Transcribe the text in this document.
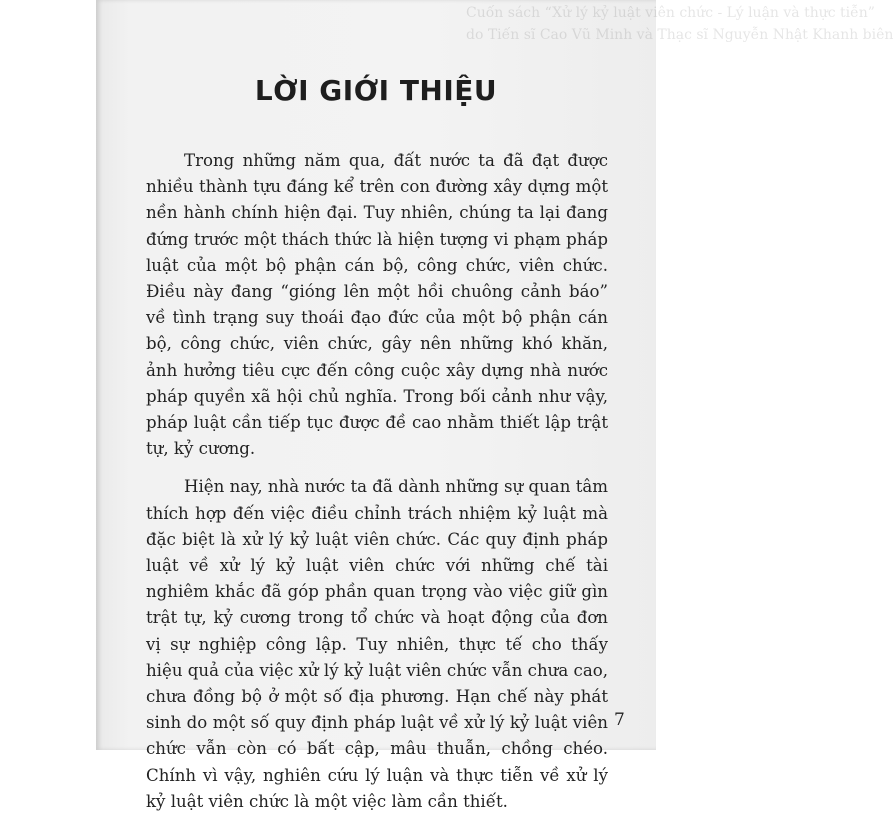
Cuốn sách “Xử lý kỷ luật viên chức - Lý luận và thực tiễn”
do Tiến sĩ Cao Vũ Minh và Thạc sĩ Nguyễn Nhật Khanh biên
LỜI GIỚI THIỆU

Trong những năm qua, đất nước ta đã đạt được nhiều thành tựu đáng kể trên con đường xây dựng một nền hành chính hiện đại. Tuy nhiên, chúng ta lại đang đứng trước một thách thức là hiện tượng vi phạm pháp luật của một bộ phận cán bộ, công chức, viên chức. Điều này đang “gióng lên một hồi chuông cảnh báo” về tình trạng suy thoái đạo đức của một bộ phận cán bộ, công chức, viên chức, gây nên những khó khăn, ảnh hưởng tiêu cực đến công cuộc xây dựng nhà nước pháp quyền xã hội chủ nghĩa. Trong bối cảnh như vậy, pháp luật cần tiếp tục được đề cao nhằm thiết lập trật tự, kỷ cương.

Hiện nay, nhà nước ta đã dành những sự quan tâm thích hợp đến việc điều chỉnh trách nhiệm kỷ luật mà đặc biệt là xử lý kỷ luật viên chức. Các quy định pháp luật về xử lý kỷ luật viên chức với những chế tài nghiêm khắc đã góp phần quan trọng vào việc giữ gìn trật tự, kỷ cương trong tổ chức và hoạt động của đơn vị sự nghiệp công lập. Tuy nhiên, thực tế cho thấy hiệu quả của việc xử lý kỷ luật viên chức vẫn chưa cao, chưa đồng bộ ở một số địa phương. Hạn chế này phát sinh do một số quy định pháp luật về xử lý kỷ luật viên chức vẫn còn có bất cập, mâu thuẫn, chồng chéo. Chính vì vậy, nghiên cứu lý luận và thực tiễn về xử lý kỷ luật viên chức là một việc làm cần thiết.

7
